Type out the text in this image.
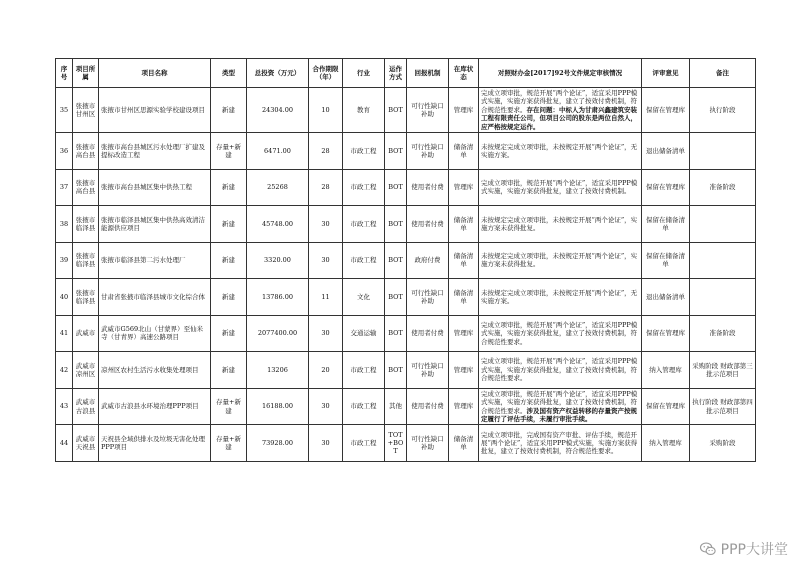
序号	项目所属	项目名称	类型	总投资（万元）	合作期限（年）	行业	运作方式	回报机制	在库状态	对照财办金[2017]92号文件规定审核情况	评审意见	备注
35	张掖市甘州区	张掖市甘州区思源实验学校建设项目	新建	24304.00	10	教育	BOT	可行性缺口补助	管理库	完成立项审批，规范开展“两个论证”，适宜采用PPP模式实施，实施方案获得批复，建立了按效付费机制，符合规范性要求。存在问题：中标人为甘肃兴鑫建筑安装工程有限责任公司，但项目公司的股东是两位自然人，应严格按规定运作。	保留在管理库	执行阶段
36	张掖市高台县	张掖市高台县城区污水处理厂扩建及提标改造工程	存量+新建	6471.00	28	市政工程	BOT	可行性缺口补助	储备清单	未按规定完成立项审批，未按规定开展“两个论证”，无实施方案。	退出储备清单	
37	张掖市高台县	张掖市高台县城区集中供热工程	新建	25268	28	市政工程	BOT	使用者付费	管理库	完成立项审批，规范开展“两个论证”，适宜采用PPP模式实施，实施方案获得批复，建立了按效付费机制。	保留在管理库	准备阶段
38	张掖市临泽县	张掖市临泽县城区集中供热高效清洁能源供应项目	新建	45748.00	30	市政工程	BOT	使用者付费	储备清单	未按规定完成立项审批，未按规定开展“两个论证”，实施方案未获得批复。	保留在储备清单	
39	张掖市临泽县	张掖市临泽县第二污水处理厂	新建	3320.00	30	市政工程	BOT	政府付费	储备清单	未按规定完成立项审批，未按规定开展“两个论证”，实施方案未获得批复。	保留在储备清单	
40	张掖市临泽县	甘肃省张掖市临泽县城市文化综合体	新建	13786.00	11	文化	BOT	可行性缺口补助	储备清单	未按规定完成立项审批，未按规定开展“两个论证”，无实施方案。	退出储备清单	
41	武威市	武威市G569北山（甘蒙界）至仙米寺（甘青界）高速公路项目	新建	2077400.00	30	交通运输	BOT	使用者付费	管理库	完成立项审批，规范开展“两个论证”，适宜采用PPP模式实施，实施方案获得批复，建立了按效付费机制，符合规范性要求。	保留在管理库	准备阶段
42	武威市凉州区	凉州区农村生活污水收集处理项目	新建	13206	20	市政工程	BOT	可行性缺口补助	管理库	完成立项审批，规范开展“两个论证”，适宜采用PPP模式实施，实施方案获得批复，建立了按效付费机制，符合规范性要求。	纳入管理库	采购阶段 财政部第三批示范项目
43	武威市古浪县	武威市古浪县水环境治理PPP项目	存量+新建	16188.00	30	市政工程	其他	使用者付费	管理库	完成立项审批，规范开展“两个论证”，适宜采用PPP模式实施，实施方案获得批复，建立了按效付费机制，符合规范性要求。涉及国有资产权益转移的存量资产按规定履行了评估手续，未履行审批手续。	保留在管理库	执行阶段 财政部第四批示范项目
44	武威市天祝县	天祝县全域供排水及垃圾无害化处理PPP项目	存量+新建	73928.00	30	市政工程	TOT+BOT	可行性缺口补助	储备清单	完成立项审批，完成国有资产审批、评估手续，规范开展“两个论证”，适宜采用PPP模式实施，实施方案获得批复，建立了按效付费机制，符合规范性要求。	纳入管理库	采购阶段
PPP大讲堂
